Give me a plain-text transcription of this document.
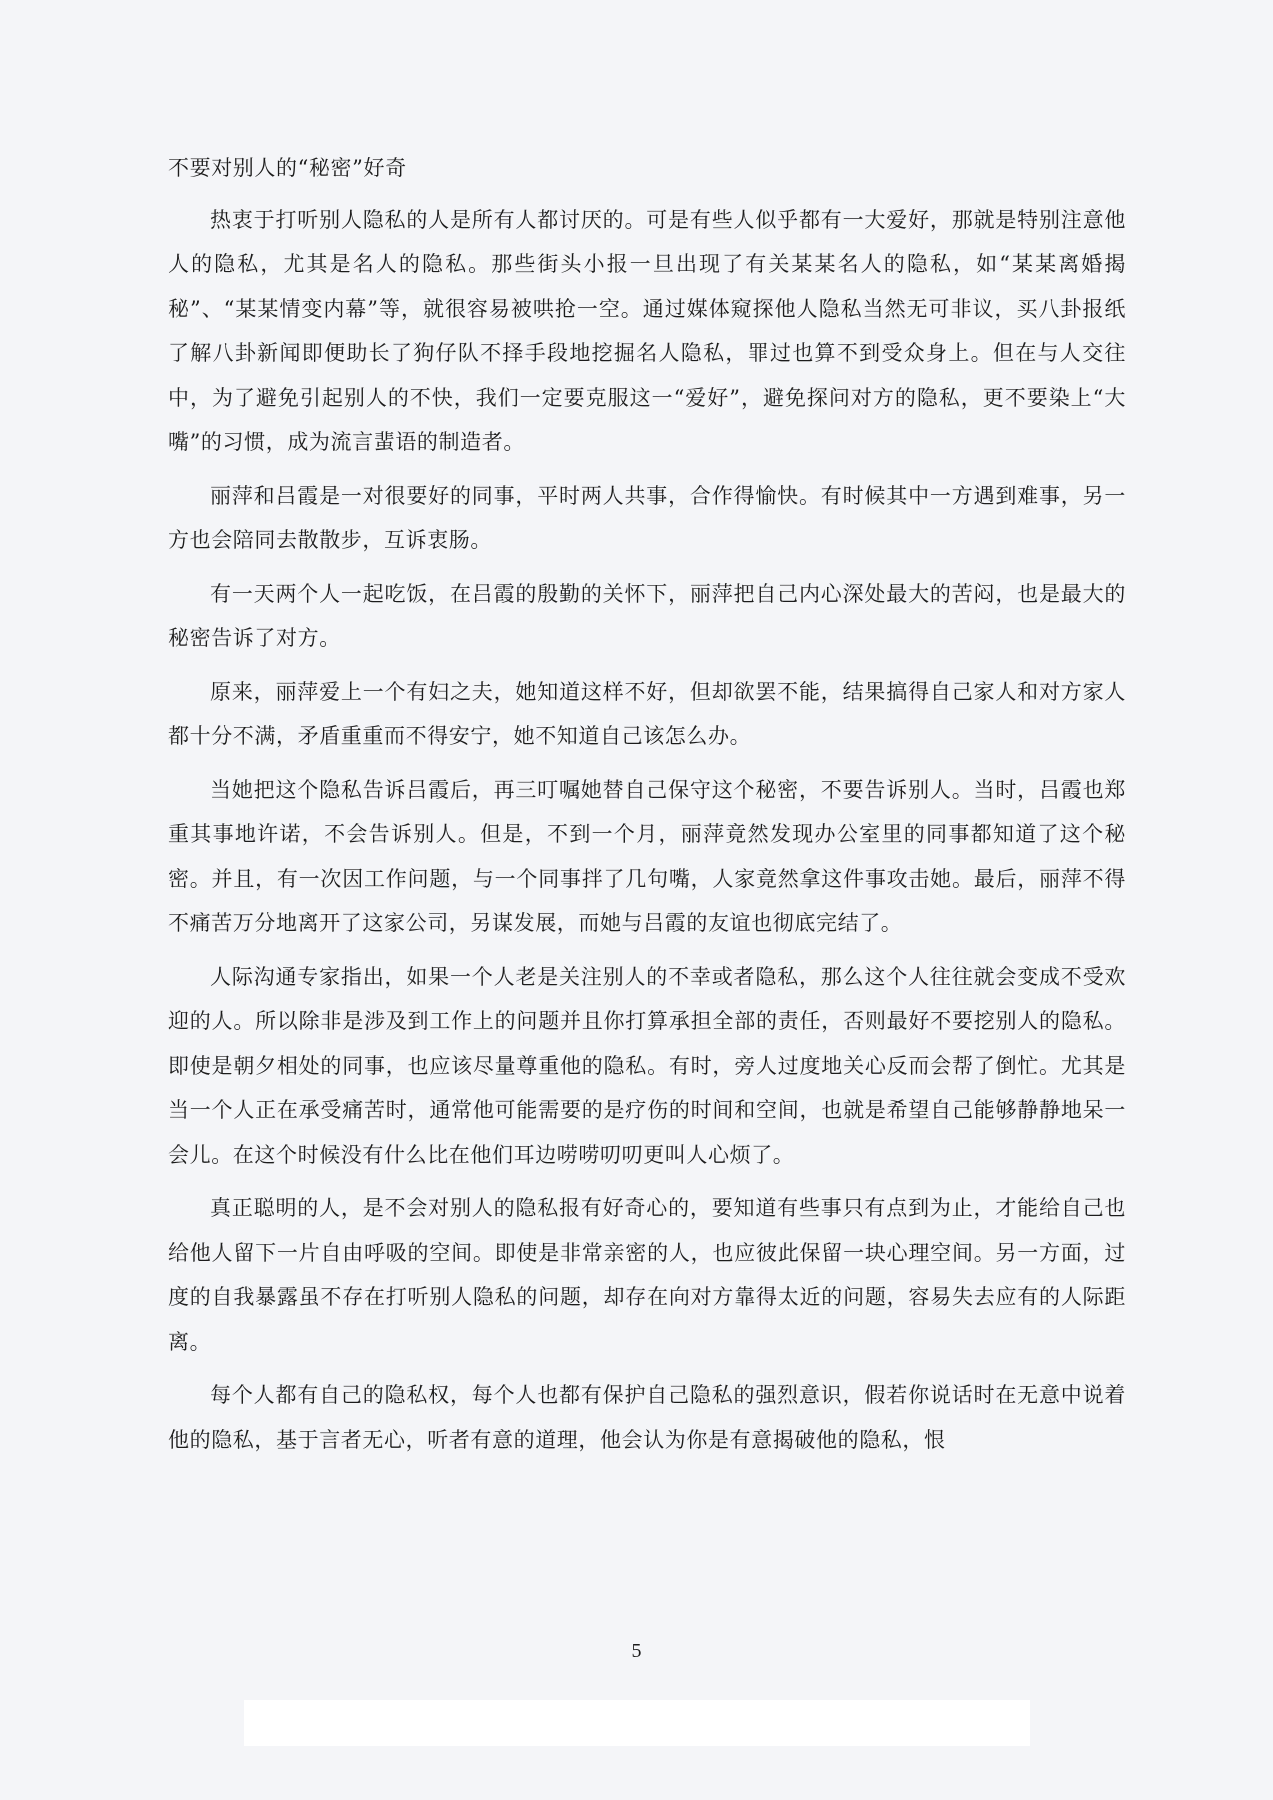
不要对别人的“秘密”好奇

热衷于打听别人隐私的人是所有人都讨厌的。可是有些人似乎都有一大爱好，那就是特别注意他人的隐私，尤其是名人的隐私。那些街头小报一旦出现了有关某某名人的隐私，如“某某离婚揭秘”、“某某情变内幕”等，就很容易被哄抢一空。通过媒体窥探他人隐私当然无可非议，买八卦报纸了解八卦新闻即便助长了狗仔队不择手段地挖掘名人隐私，罪过也算不到受众身上。但在与人交往中，为了避免引起别人的不快，我们一定要克服这一“爱好”，避免探问对方的隐私，更不要染上“大嘴”的习惯，成为流言蜚语的制造者。

丽萍和吕霞是一对很要好的同事，平时两人共事，合作得愉快。有时候其中一方遇到难事，另一方也会陪同去散散步，互诉衷肠。

有一天两个人一起吃饭，在吕霞的殷勤的关怀下，丽萍把自己内心深处最大的苦闷，也是最大的秘密告诉了对方。

原来，丽萍爱上一个有妇之夫，她知道这样不好，但却欲罢不能，结果搞得自己家人和对方家人都十分不满，矛盾重重而不得安宁，她不知道自己该怎么办。

当她把这个隐私告诉吕霞后，再三叮嘱她替自己保守这个秘密，不要告诉别人。当时，吕霞也郑重其事地许诺，不会告诉别人。但是，不到一个月，丽萍竟然发现办公室里的同事都知道了这个秘密。并且，有一次因工作问题，与一个同事拌了几句嘴，人家竟然拿这件事攻击她。最后，丽萍不得不痛苦万分地离开了这家公司，另谋发展，而她与吕霞的友谊也彻底完结了。

人际沟通专家指出，如果一个人老是关注别人的不幸或者隐私，那么这个人往往就会变成不受欢迎的人。所以除非是涉及到工作上的问题并且你打算承担全部的责任，否则最好不要挖别人的隐私。即使是朝夕相处的同事，也应该尽量尊重他的隐私。有时，旁人过度地关心反而会帮了倒忙。尤其是当一个人正在承受痛苦时，通常他可能需要的是疗伤的时间和空间，也就是希望自己能够静静地呆一会儿。在这个时候没有什么比在他们耳边唠唠叨叨更叫人心烦了。

真正聪明的人，是不会对别人的隐私报有好奇心的，要知道有些事只有点到为止，才能给自己也给他人留下一片自由呼吸的空间。即使是非常亲密的人，也应彼此保留一块心理空间。另一方面，过度的自我暴露虽不存在打听别人隐私的问题，却存在向对方靠得太近的问题，容易失去应有的人际距离。

每个人都有自己的隐私权，每个人也都有保护自己隐私的强烈意识，假若你说话时在无意中说着他的隐私，基于言者无心，听者有意的道理，他会认为你是有意揭破他的隐私，恨

5
